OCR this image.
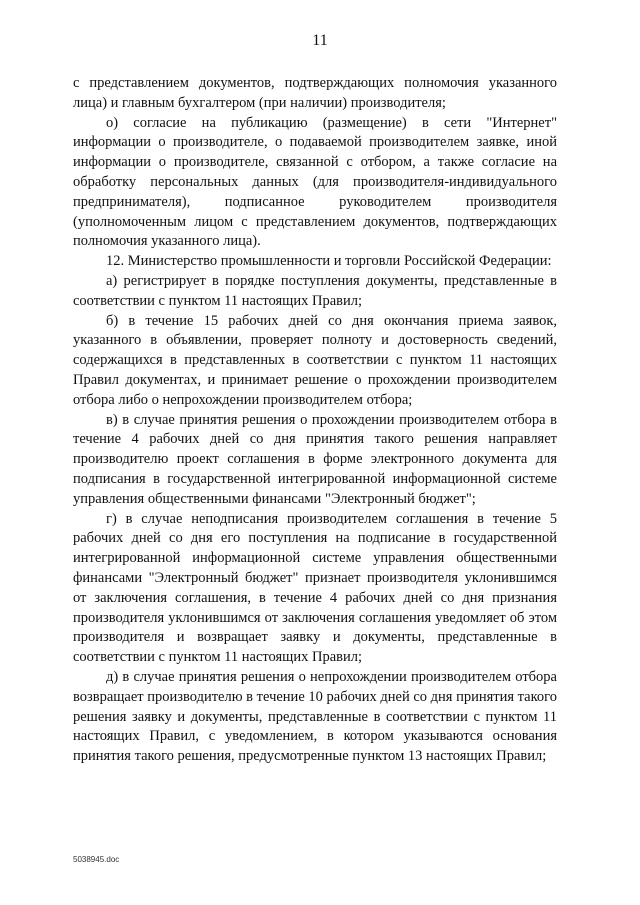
11

с представлением документов, подтверждающих полномочия указанного лица) и главным бухгалтером (при наличии) производителя;

о) согласие на публикацию (размещение) в сети "Интернет" информации о производителе, о подаваемой производителем заявке, иной информации о производителе, связанной с отбором, а также согласие на обработку персональных данных (для производителя-индивидуального предпринимателя), подписанное руководителем производителя (уполномоченным лицом с представлением документов, подтверждающих полномочия указанного лица).

12. Министерство промышленности и торговли Российской Федерации:

а) регистрирует в порядке поступления документы, представленные в соответствии с пунктом 11 настоящих Правил;

б) в течение 15 рабочих дней со дня окончания приема заявок, указанного в объявлении, проверяет полноту и достоверность сведений, содержащихся в представленных в соответствии с пунктом 11 настоящих Правил документах, и принимает решение о прохождении производителем отбора либо о непрохождении производителем отбора;

в) в случае принятия решения о прохождении производителем отбора в течение 4 рабочих дней со дня принятия такого решения направляет производителю проект соглашения в форме электронного документа для подписания в государственной интегрированной информационной системе управления общественными финансами "Электронный бюджет";

г) в случае неподписания производителем соглашения в течение 5 рабочих дней со дня его поступления на подписание в государственной интегрированной информационной системе управления общественными финансами "Электронный бюджет" признает производителя уклонившимся от заключения соглашения, в течение 4 рабочих дней со дня признания производителя уклонившимся от заключения соглашения уведомляет об этом производителя и возвращает заявку и документы, представленные в соответствии с пунктом 11 настоящих Правил;

д) в случае принятия решения о непрохождении производителем отбора возвращает производителю в течение 10 рабочих дней со дня принятия такого решения заявку и документы, представленные в соответствии с пунктом 11 настоящих Правил, с уведомлением, в котором указываются основания принятия такого решения, предусмотренные пунктом 13 настоящих Правил;

5038945.doc
